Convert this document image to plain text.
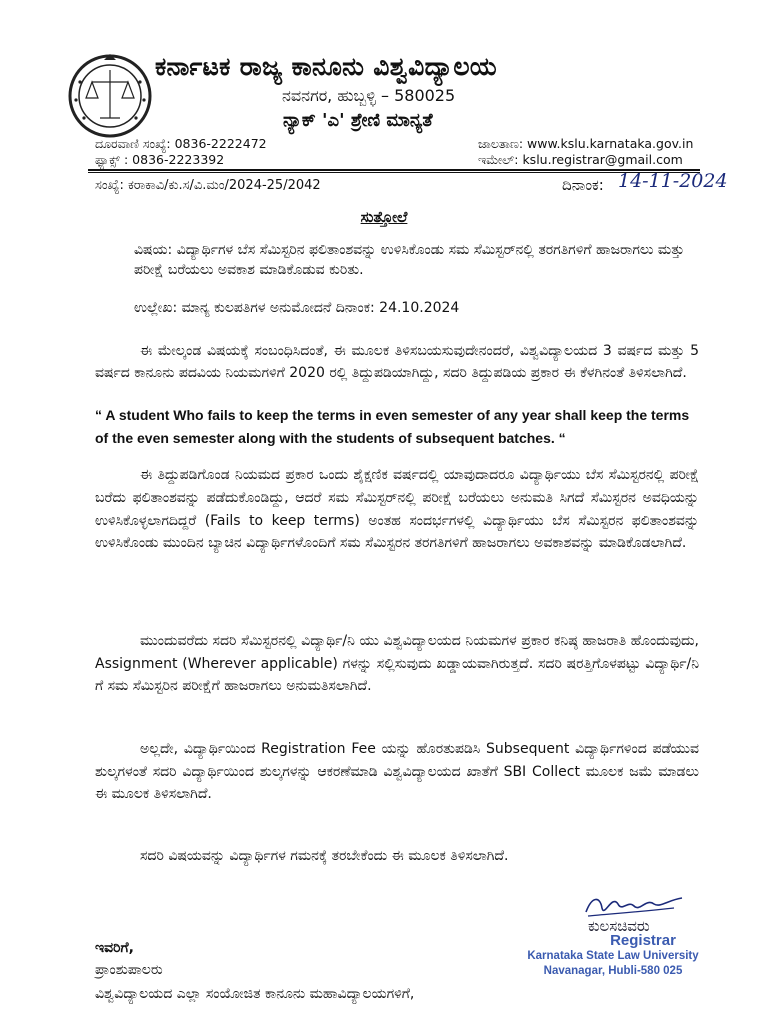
ಕರ್ನಾಟಕ ರಾಜ್ಯ ಕಾನೂನು ವಿಶ್ವವಿದ್ಯಾಲಯ
ನವನಗರ, ಹುಬ್ಬಳ್ಳಿ – 580025
ನ್ಯಾಕ್ 'ಎ' ಶ್ರೇಣಿ ಮಾನ್ಯತೆ
ದೂರವಾಣಿ ಸಂಖ್ಯೆ: 0836-2222472
ಫ್ಯಾಕ್ಸ್ : 0836-2223392
ಜಾಲತಾಣ: www.kslu.karnataka.gov.in
ಇಮೇಲ್: kslu.registrar@gmail.com
ಸಂಖ್ಯೆ: ಕರಾಕಾವಿ/ಕು.ಸ/ವಿ.ಮಂ/2024-25/2042	ದಿನಾಂಕ: 14-11-2024
ಸುತ್ತೋಲೆ
ವಿಷಯ: ವಿದ್ಯಾರ್ಥಿಗಳ ಬೆಸ ಸೆಮಿಸ್ಟರಿನ ಫಲಿತಾಂಶವನ್ನು ಉಳಿಸಿಕೊಂಡು ಸಮ ಸೆಮಿಸ್ಟರ್‌ನಲ್ಲಿ ತರಗತಿಗಳಿಗೆ ಹಾಜರಾಗಲು ಮತ್ತು ಪರೀಕ್ಷೆ ಬರೆಯಲು ಅವಕಾಶ ಮಾಡಿಕೊಡುವ ಕುರಿತು.
ಉಲ್ಲೇಖ: ಮಾನ್ಯ ಕುಲಪತಿಗಳ ಅನುಮೋದನೆ ದಿನಾಂಕ: 24.10.2024
ಈ ಮೇಲ್ಕಂಡ ವಿಷಯಕ್ಕೆ ಸಂಬಂಧಿಸಿದಂತೆ, ಈ ಮೂಲಕ ತಿಳಿಸಬಯಸುವುದೇನಂದರೆ, ವಿಶ್ವವಿದ್ಯಾಲಯದ 3 ವರ್ಷದ ಮತ್ತು 5 ವರ್ಷದ ಕಾನೂನು ಪದವಿಯ ನಿಯಮಗಳಿಗೆ 2020 ರಲ್ಲಿ ತಿದ್ದುಪಡಿಯಾಗಿದ್ದು, ಸದರಿ ತಿದ್ದುಪಡಿಯ ಪ್ರಕಾರ ಈ ಕೆಳಗಿನಂತೆ ತಿಳಿಸಲಾಗಿದೆ.
“ A student Who fails to keep the terms in even semester of any year shall keep the terms of the even semester along with the students of subsequent batches. “
ಈ ತಿದ್ದುಪಡಿಗೊಂಡ ನಿಯಮದ ಪ್ರಕಾರ ಒಂದು ಶೈಕ್ಷಣಿಕ ವರ್ಷದಲ್ಲಿ ಯಾವುದಾದರೂ ವಿದ್ಯಾರ್ಥಿಯು ಬೆಸ ಸೆಮಿಸ್ಟರನಲ್ಲಿ ಪರೀಕ್ಷೆ ಬರೆದು ಫಲಿತಾಂಶವನ್ನು ಪಡೆದುಕೊಂಡಿದ್ದು, ಆದರೆ ಸಮ ಸೆಮಿಸ್ಟರ್‌ನಲ್ಲಿ ಪರೀಕ್ಷೆ ಬರೆಯಲು ಅನುಮತಿ ಸಿಗದೆ ಸೆಮಿಸ್ಟರನ ಅವಧಿಯನ್ನು ಉಳಿಸಿಕೊಳ್ಳಲಾಗದಿದ್ದರೆ (Fails to keep terms) ಅಂತಹ ಸಂದರ್ಭಗಳಲ್ಲಿ ವಿದ್ಯಾರ್ಥಿಯು ಬೆಸ ಸೆಮಿಸ್ಟರನ ಫಲಿತಾಂಶವನ್ನು ಉಳಿಸಿಕೊಂಡು ಮುಂದಿನ ಬ್ಯಾಚಿನ ವಿದ್ಯಾರ್ಥಿಗಳೊಂದಿಗೆ ಸಮ ಸೆಮಿಸ್ಟರನ ತರಗತಿಗಳಿಗೆ ಹಾಜರಾಗಲು ಅವಕಾಶವನ್ನು ಮಾಡಿಕೊಡಲಾಗಿದೆ.
ಮುಂದುವರೆದು ಸದರಿ ಸೆಮಿಸ್ಟರನಲ್ಲಿ ವಿದ್ಯಾರ್ಥಿ/ನಿ ಯು ವಿಶ್ವವಿದ್ಯಾಲಯದ ನಿಯಮಗಳ ಪ್ರಕಾರ ಕನಿಷ್ಠ ಹಾಜರಾತಿ ಹೊಂದುವುದು, Assignment (Wherever applicable) ಗಳನ್ನು ಸಲ್ಲಿಸುವುದು ಖಡ್ಡಾಯವಾಗಿರುತ್ತದೆ. ಸದರಿ ಷರತ್ತಿಗೊಳಪಟ್ಟು ವಿದ್ಯಾರ್ಥಿ/ನಿ ಗೆ ಸಮ ಸೆಮಿಸ್ಟರಿನ ಪರೀಕ್ಷೆಗೆ ಹಾಜರಾಗಲು ಅನುಮತಿಸಲಾಗಿದೆ.
ಅಲ್ಲದೇ, ವಿದ್ಯಾರ್ಥಿಯಿಂದ Registration Fee ಯನ್ನು ಹೊರತುಪಡಿಸಿ Subsequent ವಿದ್ಯಾರ್ಥಿಗಳಿಂದ ಪಡೆಯುವ ಶುಲ್ಕಗಳಂತೆ ಸದರಿ ವಿದ್ಯಾರ್ಥಿಯಿಂದ ಶುಲ್ಕಗಳನ್ನು ಆಕರಣೆಮಾಡಿ ವಿಶ್ವವಿದ್ಯಾಲಯದ ಖಾತೆಗೆ SBI Collect ಮೂಲಕ ಜಮೆ ಮಾಡಲು ಈ ಮೂಲಕ ತಿಳಿಸಲಾಗಿದೆ.
ಸದರಿ ವಿಷಯವನ್ನು ವಿದ್ಯಾರ್ಥಿಗಳ ಗಮನಕ್ಕೆ ತರಬೇಕೆಂದು ಈ ಮೂಲಕ ತಿಳಿಸಲಾಗಿದೆ.
ಕುಲಸಚಿವರು
Registrar
Karnataka State Law University
Navanagar, Hubli-580 025
ಇವರಿಗೆ,
ಪ್ರಾಂಶುಪಾಲರು
ವಿಶ್ವವಿದ್ಯಾಲಯದ ಎಲ್ಲಾ ಸಂಯೋಜಿತ ಕಾನೂನು ಮಹಾವಿದ್ಯಾಲಯಗಳಿಗೆ,
